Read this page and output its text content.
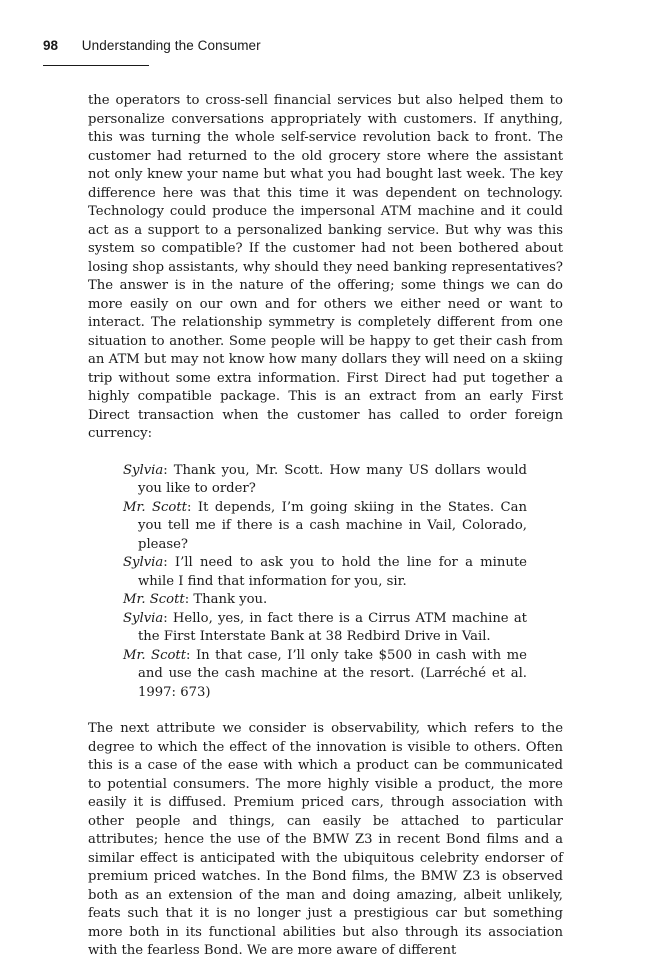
98 Understanding the Consumer

the operators to cross-sell financial services but also helped them to personalize conversations appropriately with customers. If anything, this was turning the whole self-service revolution back to front. The customer had returned to the old grocery store where the assistant not only knew your name but what you had bought last week. The key difference here was that this time it was dependent on technology. Technology could produce the impersonal ATM machine and it could act as a support to a personalized banking service. But why was this system so compatible? If the customer had not been bothered about losing shop assistants, why should they need banking representatives? The answer is in the nature of the offering; some things we can do more easily on our own and for others we either need or want to interact. The relationship symmetry is completely different from one situation to another. Some people will be happy to get their cash from an ATM but may not know how many dollars they will need on a skiing trip without some extra information. First Direct had put together a highly compatible package. This is an extract from an early First Direct transaction when the customer has called to order foreign currency:

Sylvia: Thank you, Mr. Scott. How many US dollars would you like to order?
Mr. Scott: It depends, I’m going skiing in the States. Can you tell me if there is a cash machine in Vail, Colorado, please?
Sylvia: I’ll need to ask you to hold the line for a minute while I find that information for you, sir.
Mr. Scott: Thank you.
Sylvia: Hello, yes, in fact there is a Cirrus ATM machine at the First Interstate Bank at 38 Redbird Drive in Vail.
Mr. Scott: In that case, I’ll only take $500 in cash with me and use the cash machine at the resort. (Larréché et al. 1997: 673)

The next attribute we consider is observability, which refers to the degree to which the effect of the innovation is visible to others. Often this is a case of the ease with which a product can be communicated to potential consumers. The more highly visible a product, the more easily it is diffused. Premium priced cars, through association with other people and things, can easily be attached to particular attributes; hence the use of the BMW Z3 in recent Bond films and a similar effect is anticipated with the ubiquitous celebrity endorser of premium priced watches. In the Bond films, the BMW Z3 is observed both as an extension of the man and doing amazing, albeit unlikely, feats such that it is no longer just a prestigious car but something more both in its functional abilities but also through its association with the fearless Bond. We are more aware of different
